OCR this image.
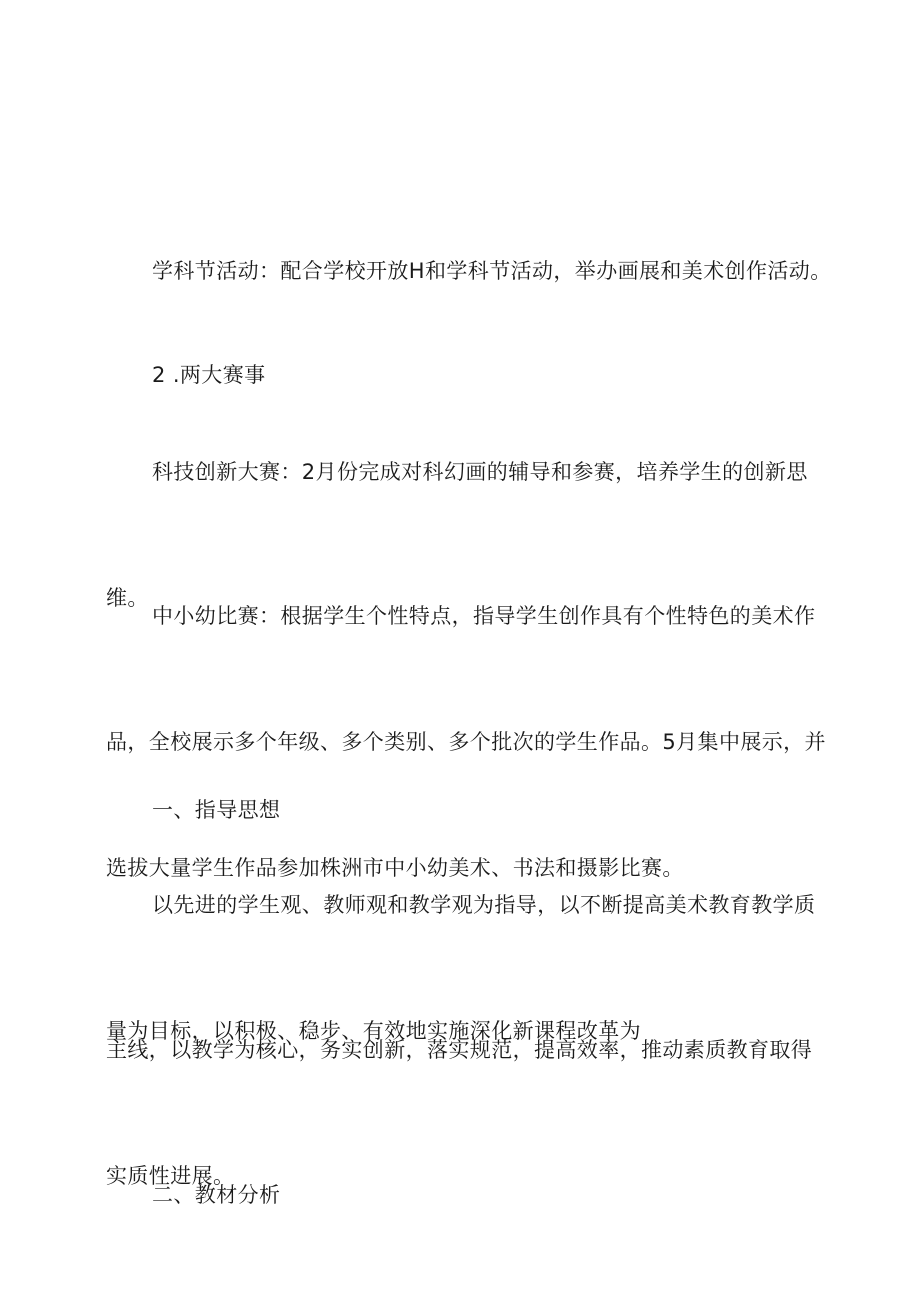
学科节活动：配合学校开放H和学科节活动，举办画展和美术创作活动。

2 .两大赛事

科技创新大赛：2月份完成对科幻画的辅导和参赛，培养学生的创新思

维。

中小幼比赛：根据学生个性特点，指导学生创作具有个性特色的美术作

品，全校展示多个年级、多个类别、多个批次的学生作品。5月集中展示，并

选拔大量学生作品参加株洲市中小幼美术、书法和摄影比赛。

一、指导思想

以先进的学生观、教师观和教学观为指导，以不断提高美术教育教学质

量为目标，以积极、稳步、有效地实施深化新课程改革为

主线，以教学为核心，务实创新，落实规范，提高效率，推动素质教育取得

实质性进展。

二、教材分析
